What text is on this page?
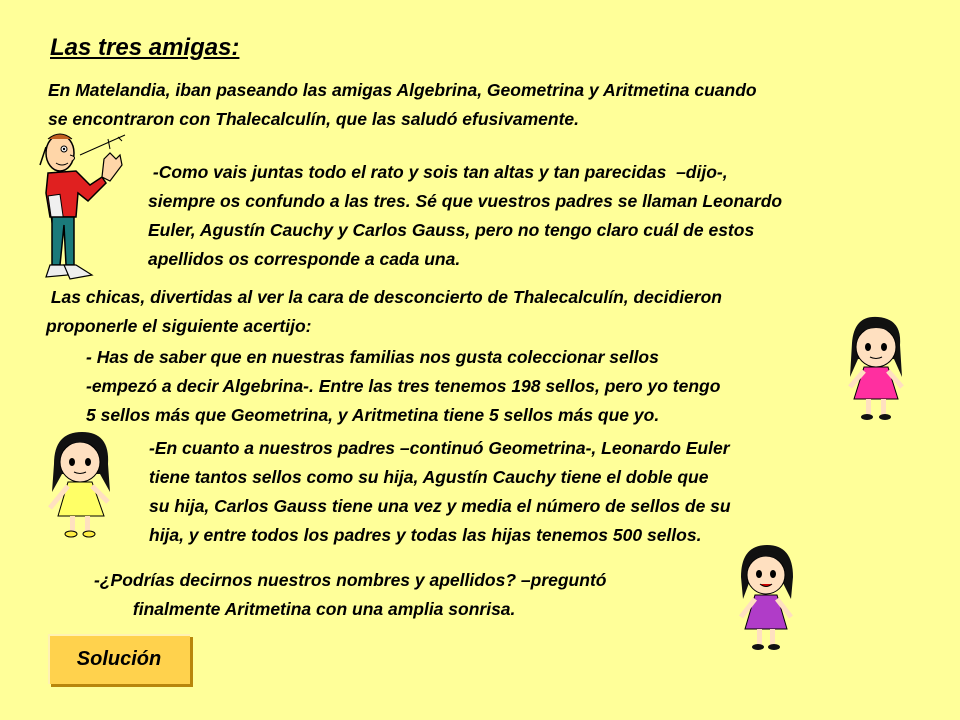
Las tres amigas:

En Matelandia, iban paseando las amigas Algebrina, Geometrina y Aritmetina cuando
se encontraron con Thalecalculín, que las saludó efusivamente.

-Como vais juntas todo el rato y sois tan altas y tan parecidas  –dijo-,
siempre os confundo a las tres. Sé que vuestros padres se llaman Leonardo
Euler, Agustín Cauchy y Carlos Gauss, pero no tengo claro cuál de estos
apellidos os corresponde a cada una.

Las chicas, divertidas al ver la cara de desconcierto de Thalecalculín, decidieron
proponerle el siguiente acertijo:

- Has de saber que en nuestras familias nos gusta coleccionar sellos
-empezó a decir Algebrina-. Entre las tres tenemos 198 sellos, pero yo tengo
5 sellos más que Geometrina, y Aritmetina tiene 5 sellos más que yo.

-En cuanto a nuestros padres –continuó Geometrina-, Leonardo Euler
tiene tantos sellos como su hija, Agustín Cauchy tiene el doble que
su hija, Carlos Gauss tiene una vez y media el número de sellos de su
hija, y entre todos los padres y todas las hijas tenemos 500 sellos.

-¿Podrías decirnos nuestros nombres y apellidos? –preguntó
finalmente Aritmetina con una amplia sonrisa.

Solución
